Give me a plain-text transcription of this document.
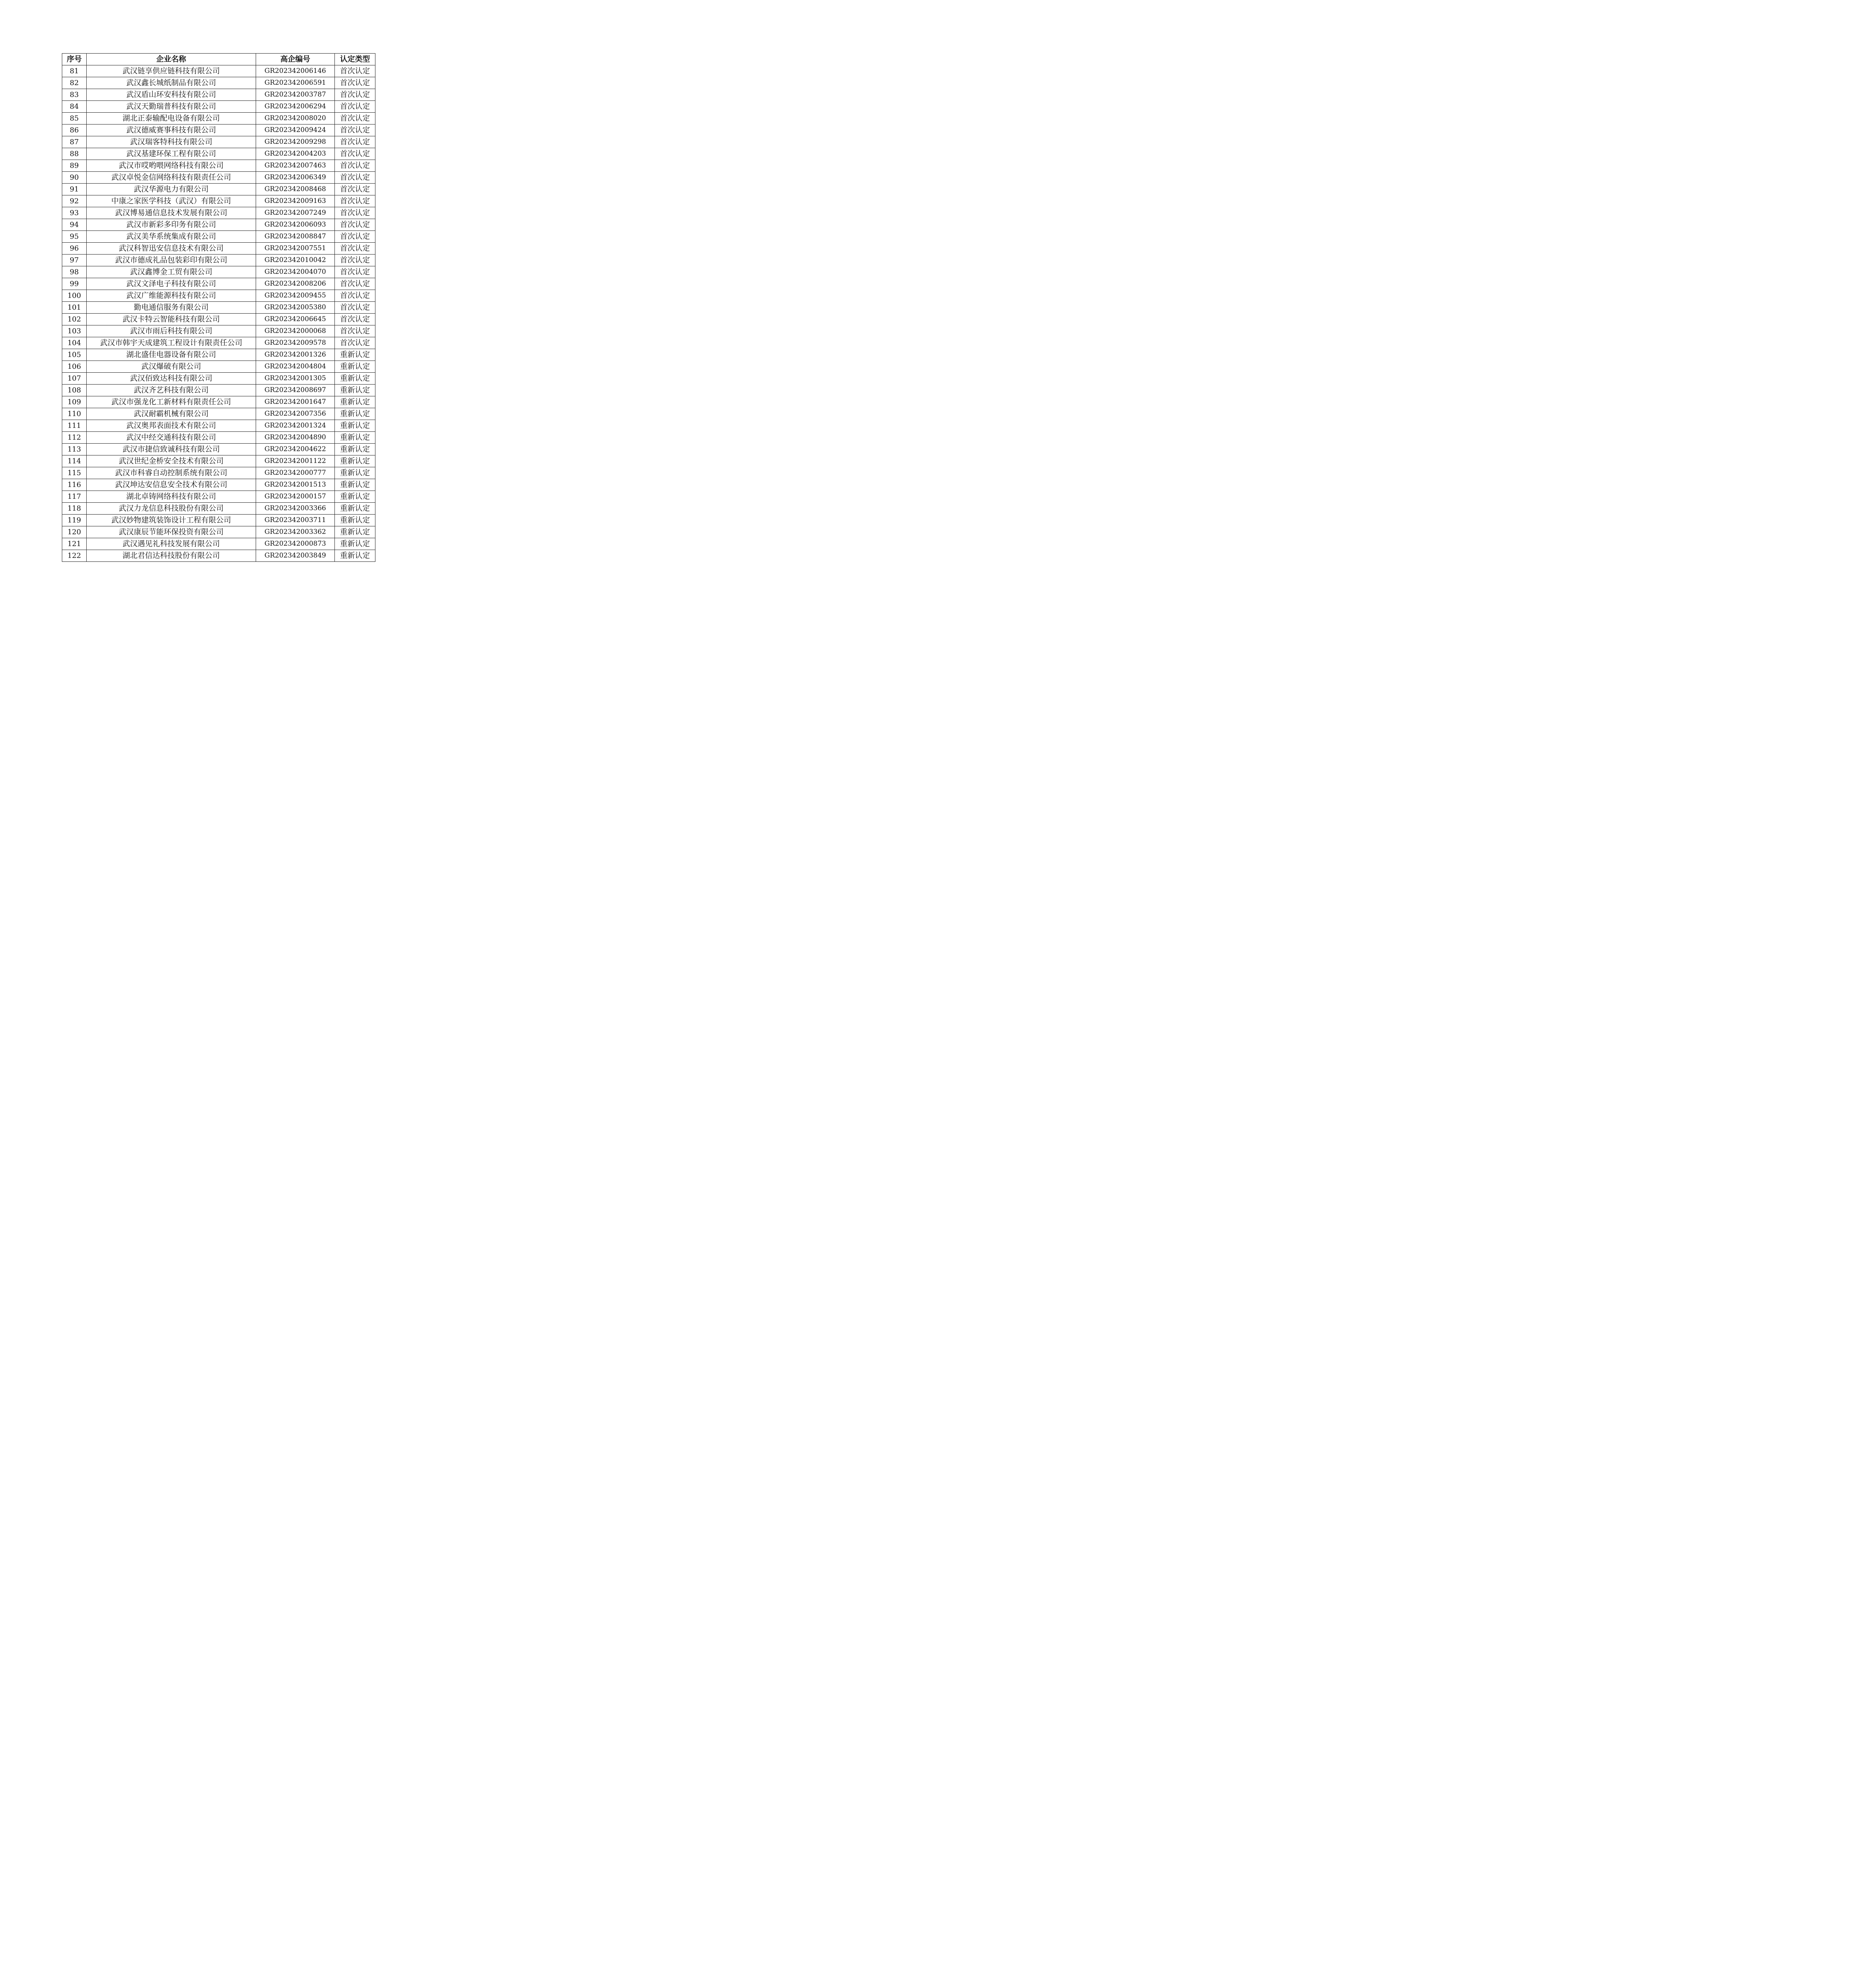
序号	企业名称	高企编号	认定类型
81	武汉链享供应链科技有限公司	GR202342006146	首次认定
82	武汉鑫长城纸制品有限公司	GR202342006591	首次认定
83	武汉盾山环安科技有限公司	GR202342003787	首次认定
84	武汉天勤瑞普科技有限公司	GR202342006294	首次认定
85	湖北正泰输配电设备有限公司	GR202342008020	首次认定
86	武汉德威赛事科技有限公司	GR202342009424	首次认定
87	武汉瑞客特科技有限公司	GR202342009298	首次认定
88	武汉基建环保工程有限公司	GR202342004203	首次认定
89	武汉市哎哟喂网络科技有限公司	GR202342007463	首次认定
90	武汉卓悦金信网络科技有限责任公司	GR202342006349	首次认定
91	武汉华源电力有限公司	GR202342008468	首次认定
92	中康之家医学科技（武汉）有限公司	GR202342009163	首次认定
93	武汉博易通信息技术发展有限公司	GR202342007249	首次认定
94	武汉市新彩多印务有限公司	GR202342006093	首次认定
95	武汉美华系统集成有限公司	GR202342008847	首次认定
96	武汉科智迅安信息技术有限公司	GR202342007551	首次认定
97	武汉市德成礼品包装彩印有限公司	GR202342010042	首次认定
98	武汉鑫博金工贸有限公司	GR202342004070	首次认定
99	武汉文泽电子科技有限公司	GR202342008206	首次认定
100	武汉广维能源科技有限公司	GR202342009455	首次认定
101	勤电通信服务有限公司	GR202342005380	首次认定
102	武汉卡特云智能科技有限公司	GR202342006645	首次认定
103	武汉市雨后科技有限公司	GR202342000068	首次认定
104	武汉市韩宇天成建筑工程设计有限责任公司	GR202342009578	首次认定
105	湖北盛佳电器设备有限公司	GR202342001326	重新认定
106	武汉爆破有限公司	GR202342004804	重新认定
107	武汉佰致达科技有限公司	GR202342001305	重新认定
108	武汉齐艺科技有限公司	GR202342008697	重新认定
109	武汉市强龙化工新材料有限责任公司	GR202342001647	重新认定
110	武汉耐霸机械有限公司	GR202342007356	重新认定
111	武汉奥邦表面技术有限公司	GR202342001324	重新认定
112	武汉中经交通科技有限公司	GR202342004890	重新认定
113	武汉市捷信致诚科技有限公司	GR202342004622	重新认定
114	武汉世纪金桥安全技术有限公司	GR202342001122	重新认定
115	武汉市科睿自动控制系统有限公司	GR202342000777	重新认定
116	武汉坤达安信息安全技术有限公司	GR202342001513	重新认定
117	湖北卓铸网络科技有限公司	GR202342000157	重新认定
118	武汉力龙信息科技股份有限公司	GR202342003366	重新认定
119	武汉妙物建筑装饰设计工程有限公司	GR202342003711	重新认定
120	武汉康辰节能环保投资有限公司	GR202342003362	重新认定
121	武汉遇见礼科技发展有限公司	GR202342000873	重新认定
122	湖北君信达科技股份有限公司	GR202342003849	重新认定
